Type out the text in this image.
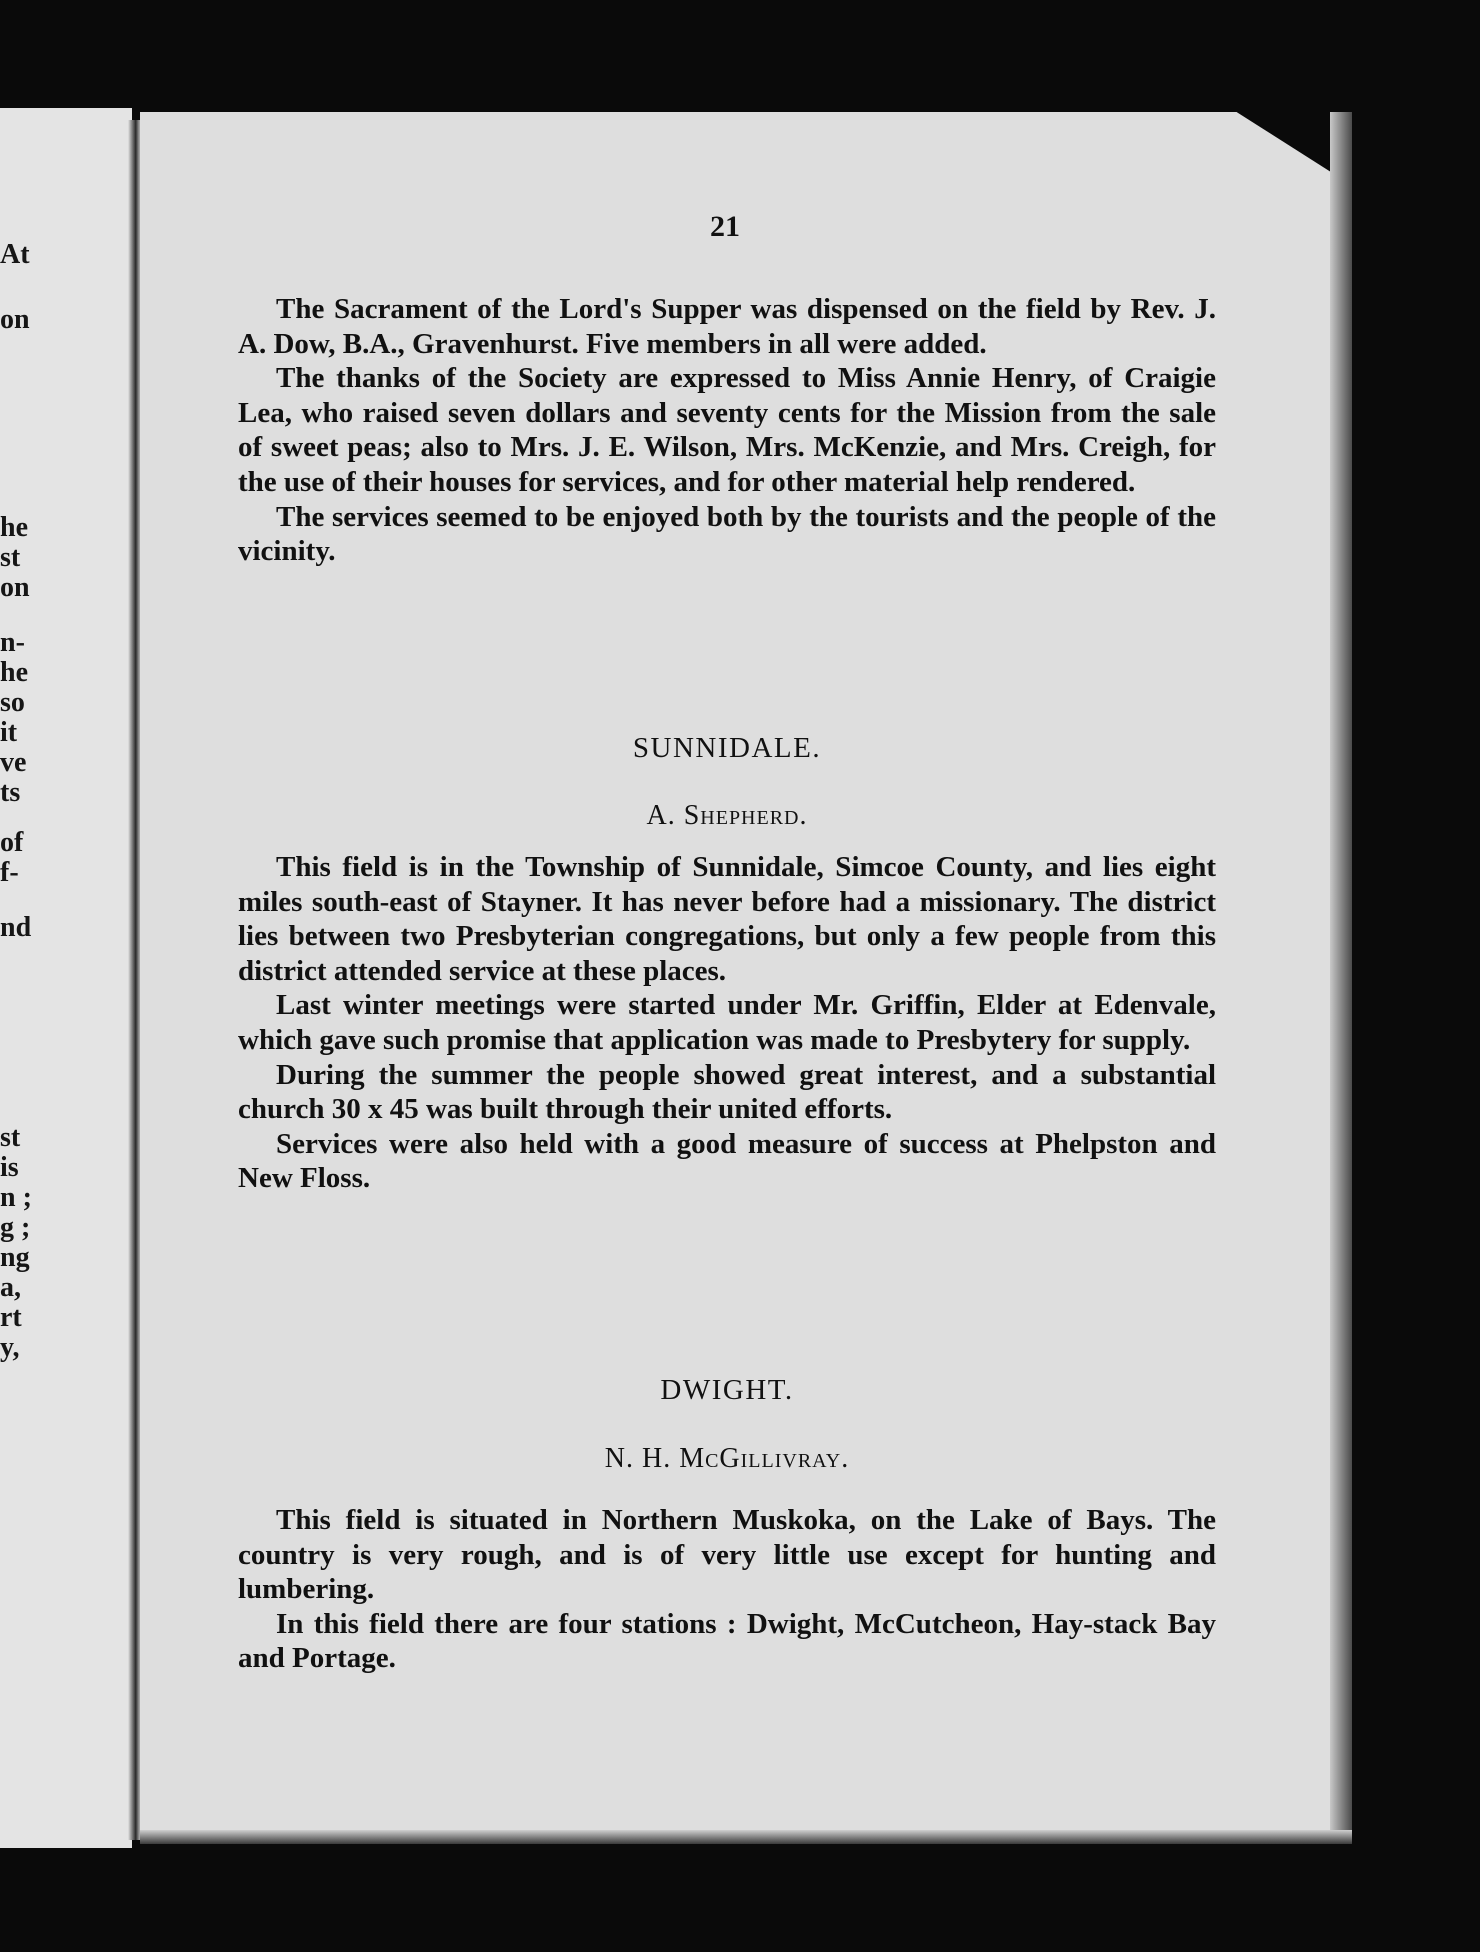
At
on
he
st
on
n-
he
so
it
ve
ts
of
f-
nd
st
is
n ;
g ;
ng
a,
rt
y,
21

The Sacrament of the Lord's Supper was dispensed on the field by Rev. J. A. Dow, B.A., Gravenhurst. Five members in all were added.

The thanks of the Society are expressed to Miss Annie Henry, of Craigie Lea, who raised seven dollars and seventy cents for the Mission from the sale of sweet peas; also to Mrs. J. E. Wilson, Mrs. McKenzie, and Mrs. Creigh, for the use of their houses for services, and for other material help rendered.

The services seemed to be enjoyed both by the tourists and the people of the vicinity.

SUNNIDALE.
A. Shepherd.

This field is in the Township of Sunnidale, Simcoe County, and lies eight miles south-east of Stayner. It has never before had a missionary. The district lies between two Presbyterian congregations, but only a few people from this district attended service at these places.

Last winter meetings were started under Mr. Griffin, Elder at Edenvale, which gave such promise that application was made to Presbytery for supply.

During the summer the people showed great interest, and a substantial church 30 x 45 was built through their united efforts.

Services were also held with a good measure of success at Phelpston and New Floss.

DWIGHT.
N. H. McGillivray.

This field is situated in Northern Muskoka, on the Lake of Bays. The country is very rough, and is of very little use except for hunting and lumbering.

In this field there are four stations : Dwight, McCutcheon, Hay-stack Bay and Portage.
